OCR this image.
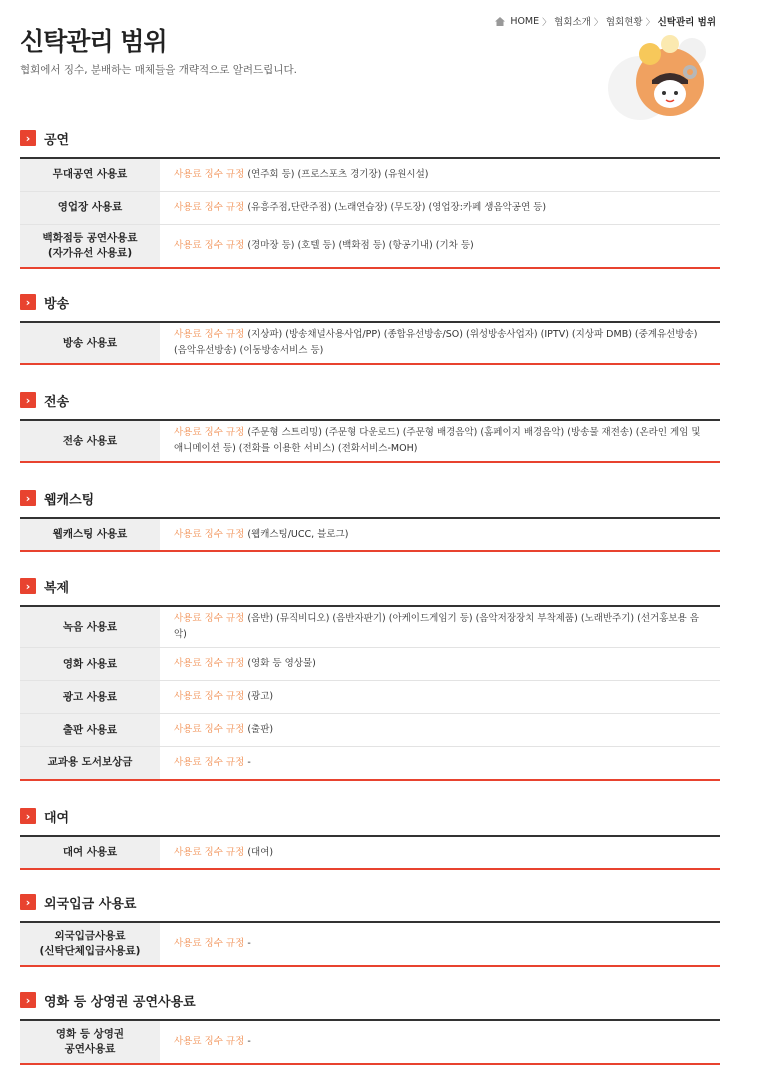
신탁관리 범위
협회에서 징수, 분배하는 매체들을 개략적으로 알려드립니다.
HOME 〉 협회소개 〉 협회현황 〉 신탁관리 범위
›	공연
무대공연 사용료	사용료 징수 규정 (연주회 등) (프로스포츠 경기장) (유원시설)
영업장 사용료	사용료 징수 규정 (유흥주점,단란주점) (노래연습장) (무도장) (영업장:카페 생음악공연 등)
백화점등 공연사용료
(자가유선 사용료)	사용료 징수 규정 (경마장 등) (호텔 등) (백화점 등) (항공기내) (기차 등)
›	방송
방송 사용료	사용료 징수 규정 (지상파) (방송채널사용사업/PP) (종합유선방송/SO) (위성방송사업자) (IPTV) (지상파 DMB) (중계유선방송) (음악유선방송) (이동방송서비스 등)
›	전송
전송 사용료	사용료 징수 규정 (주문형 스트리밍) (주문형 다운로드) (주문형 배경음악) (홈페이지 배경음악) (방송물 재전송) (온라인 게임 및 애니메이션 등) (전화를 이용한 서비스) (전화서비스-MOH)
›	웹캐스팅
웹캐스팅 사용료	사용료 징수 규정 (웹캐스팅/UCC, 블로그)
›	복제
녹음 사용료	사용료 징수 규정 (음반) (뮤직비디오) (음반자판기) (아케이드게임기 등) (음악저장장치 부착제품) (노래반주기) (선거홍보용 음악)
영화 사용료	사용료 징수 규정 (영화 등 영상물)
광고 사용료	사용료 징수 규정 (광고)
출판 사용료	사용료 징수 규정 (출판)
교과용 도서보상금	사용료 징수 규정 -
›	대여
대여 사용료	사용료 징수 규정 (대여)
›	외국입금 사용료
외국입금사용료
(신탁단체입금사용료)	사용료 징수 규정 -
›	영화 등 상영권 공연사용료
영화 등 상영권
공연사용료	사용료 징수 규정 -
